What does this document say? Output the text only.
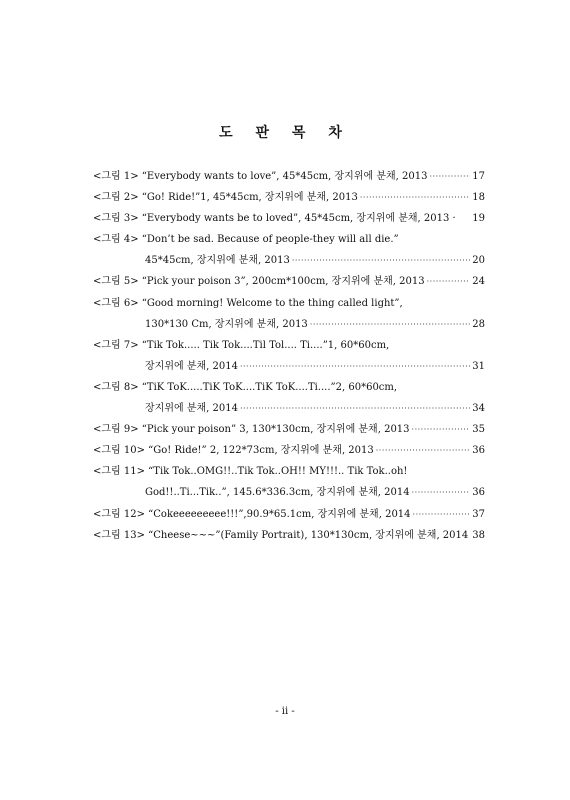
도 판 목 차
<그림 1> “Everybody wants to love”, 45*45cm, 장지위에 분채, 2013 ·····	17
<그림 2> “Go! Ride!”1, 45*45cm, 장지위에 분채, 2013 ·····	18
<그림 3> “Everybody wants be to loved”, 45*45cm, 장지위에 분채, 2013 · 19
<그림 4> “Don’t be sad. Because of people-they will all die.”
45*45cm, 장지위에 분채, 2013 ·····	20
<그림 5> “Pick your poison 3”, 200cm*100cm, 장지위에 분채, 2013 ·····	24
<그림 6> “Good morning! Welcome to the thing called light”,
130*130 Cm, 장지위에 분채, 2013 ·····	28
<그림 7> “Tik Tok..... Tik Tok....Til Tol.... Ti....”1, 60*60cm,
장지위에 분채, 2014 ·····	31
<그림 8> “TiK ToK.....TiK ToK....TiK ToK....Ti....”2, 60*60cm,
장지위에 분채, 2014 ·····	34
<그림 9> “Pick your poison” 3, 130*130cm, 장지위에 분채, 2013 ·····	35
<그림 10> “Go! Ride!” 2, 122*73cm, 장지위에 분채, 2013 ·····	36
<그림 11> “Tik Tok..OMG!!..Tik Tok..OH!! MY!!!.. Tik Tok..oh!
God!!..Ti...Tik..”, 145.6*336.3cm, 장지위에 분채, 2014 ·····	36
<그림 12> “Cokeeeeeeeee!!!”,90.9*65.1cm, 장지위에 분채, 2014 ·····	37
<그림 13> “Cheese~~~”(Family Portrait), 130*130cm, 장지위에 분채, 2014 38
- ii -
